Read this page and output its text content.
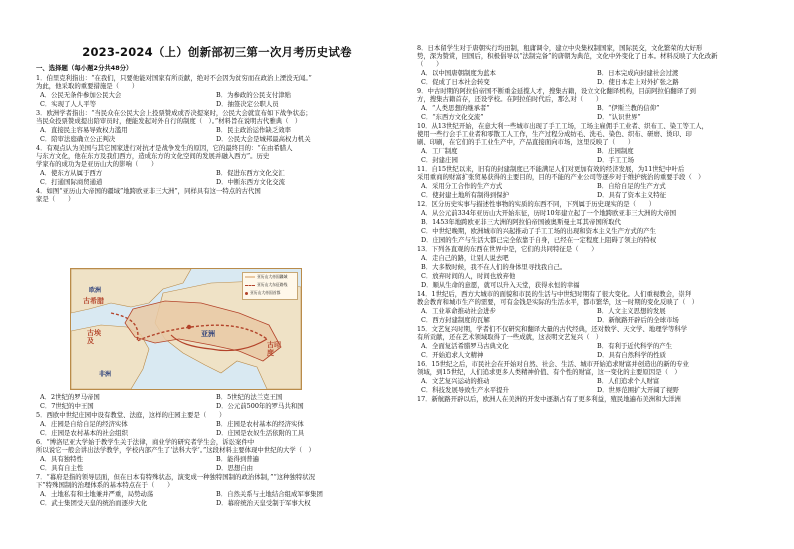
2023-2024（上）创新部初三第一次月考历史试卷
一、选择题（每小题2分共48分）
1．伯里克利指出：“在我们，只要他能对国家有所贡献，绝对不会因为贫穷而在政治上湮没无闻。”
为此，他采取的重要措施是（　　）
A．公民无条件参加公民大会	B．为参政的公民支付津贴
C．实现了人人平等	D．抽签决定公职人员
3．欧洲学者指出：“当民众在公民大会上投票赞成或否决提案时，公民大会就宣布如下战争状态；
当民众投票赞成提出陪审员时，便能发起对外自行的制度（　）。”材料旨在说明古代雅典（　）
A．直接民主容易导致权力滥用	B．民主政治运作缺乏效率
C．陪审法庭确立公正判决	D．公民大会是城邦最高权力机关
4．有观点认为美国与其它国家进行对抗才是战争发生的原因，它的最终目的：“在由希腊人
与东方文化，他在东方及我们西方，造成东方的文化空间的发展并融入西方”。历史
学家布的成功为是亚历山大的影响（　　）
A．使东方从属于西方	B．促进东西方文化交汇
C．打通国际商贸通道	D．中断东西方文化交流
4．如图“亚历山大帝国的疆域”地跨欧亚非三大洲”，同样具有这一特点的古代国
家是（　　）
欧洲
古希腊
古埃及
非洲
亚洲
古印度
亚历山大帝国疆域
亚历山大东征路线
亚历山大帝国首都
A．2世纪的罗马帝国	B．5世纪的法兰克王国
C．7世纪的中王国	D．公元前500年的罗马共和国
5．西欧中世纪庄园中设有教堂、法庭，这样的庄园主要是（　　）
A．庄园是自给自足的经济实体	B．庄园是农村基本的经济实体
C．庄园是农村基本的社会组织	D．庄园是农奴生活依附的工具
6．“博洛尼亚大学始于教学生关于法律，商业学的研究者学生会，诉讼案件中
所以说它一般会讲出法学教学，学校内部产生了‘法科大学’。”这段材料主要体现中世纪的大学（　）
A．具有独特性	B．能得到普遍
C．具有自主性	D．思想自由
7．“幕府是指的领导层面，但在日本有特殊状态，演变成一种独特国制的政治体制，”“这种独特状况
下”特殊国制的治理体系的基本特点在于（　　）
A．土地私有和土地兼并严重，局势动荡	B．自然关系与土地结合组成军事集团
C．武士集团受天皇的统治而逐步大化	D．幕府统治天皇受制于军事大权
8．日本留学生对于唐朝实行均田制，租庸调令，建立中央集权制国家，国际民交，文化繁荣的大好形
势，深为赞赏，回国后，积极倡导以“法制完备”的唐朝为典范，文化中外变化了日本。材料反映了大化改新
（　　）
A．以中国唐朝制度为蓝本	B．日本完成向封建社会过渡
C．促成了日本社会转变	D．使日本走上对外扩张之路
9．中古时期的阿拉伯帝国不断重金延揽人才，搜集古籍，设立文化翻译机构，目前阿拉伯翻译了到
方，搜集古籍首存，还设学校。在阿拉伯时代后，那么对（　　）
A．“人类思想的继承者”	B．“伊斯兰教的信仰”
C．“东西方文化交流”	D．“认识世界”
10．从13世纪开始，在意大利一些城市出现了手工工场，工场主雇佣手工业者、织布工、染工等工人，
使用一些行会手工业者和零散工人工作，生产过程分成纺毛、洗毛、染色、织布、研磨、烫印、印
刷、印刷，在它们的手工业生产中，产品直接面向市场，这里反映了（　　）
A．工厂制度	B．庄园制度
C．封建庄园	D．手工工场
11．自15世纪以来，旧有的封建制度已不能满足人们对更加有效的经济发展，为11世纪中叶后
采用重商的财富扩张贸易获得的主要目的，目的不能的产业公司等逐步对于维护统治的重要手段（　）
A．采用分工合作的生产方式	B．自给自足的生产方式
C．使封建土地所有制得到保护	D．具有了资本主义特征
12．区分历史实事与描述性事物的实质的东西不同，下列属于历史现实的是（　　）
A．从公元前334年亚历山大开始东征，历时10年建立起了一个地跨欧亚非三大洲的大帝国
B．1453年地跨欧亚非三大洲的阿拉伯帝国被奥斯曼土耳其帝国所取代
C．中世纪晚期，欧洲城市的兴起推动了手工工场的出现和资本主义生产方式的产生
D．庄园的生产与生活大都已完全依靠于自身，已经在一定程度上阻碍了领主的特权
13．下列各直观的东西在世界中是，它们的共同特征是（　　）
A．走自己的路，让别人说去吧
B．大多数时候，我不在人们的身体里寻找我自己。
C．放弃时间的人，时间也放弃他
D．顺从生命的意愿，就可以升入天堂，获得永恒的幸福
14．1世纪后，西方大城市的面貌和市民的生活与中世纪时期有了很大变化。人们重视教会，崇拜
教会教育和城市生产的需要，可有金钱是实际的生活水平，都市繁华，这一时期的变化反映了（　）
A．工业革命推动社会进步	B．人文主义思想的发展
C．西方封建制度的瓦解	D．新航路开辟后的全球市场
15．文艺复兴时期，学者们不仅研究和翻译大量的古代经典，还对数学、天文学、地理学等科学
有所贡献，还在艺术领域取得了一些成就，这表明文艺复兴（　）
A．全面复活希腊罗马古典文化	B．有利于近代科学的产生
C．开始追求人文精神	D．具有自然科学的性质
16．15世纪之后，市民社会在开始对自然、社会、生活、城市开始追求财富并创造出的新的专业
领域，到15世纪，人们追求更多人类精神价值、有个性的财富，这一变化的主要原因是（　）
A．文艺复兴运动的推动	B．人们追求个人财富
C．科技发展导致生产水平提升	D．世界范围扩大开阔了视野
17．新航路开辟以后，欧洲人在美洲的开发中逐渐占有了更多利益，殖民地遍布美洲和大洋洲
